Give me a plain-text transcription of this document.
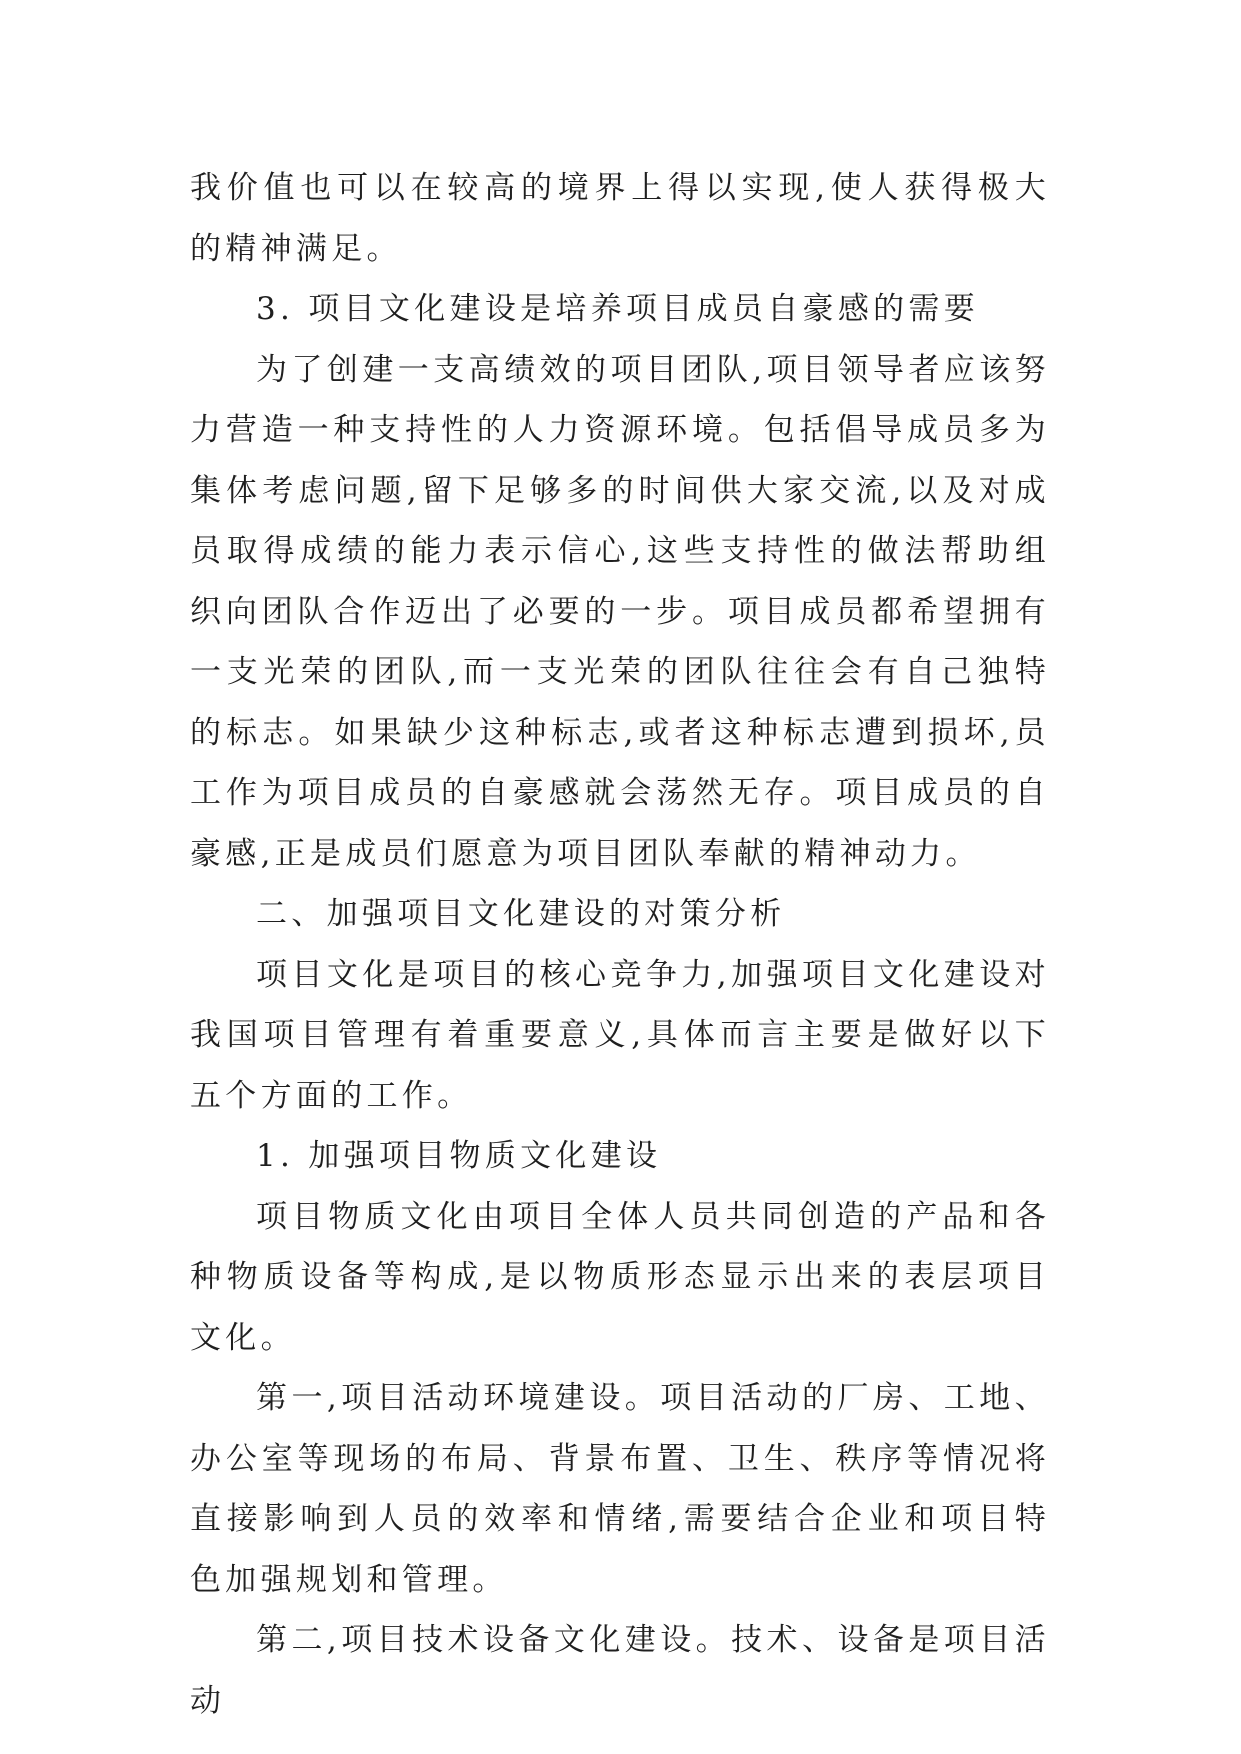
我价值也可以在较高的境界上得以实现,使人获得极大的精神满足。

3. 项目文化建设是培养项目成员自豪感的需要

为了创建一支高绩效的项目团队,项目领导者应该努力营造一种支持性的人力资源环境。包括倡导成员多为集体考虑问题,留下足够多的时间供大家交流,以及对成员取得成绩的能力表示信心,这些支持性的做法帮助组织向团队合作迈出了必要的一步。项目成员都希望拥有一支光荣的团队,而一支光荣的团队往往会有自己独特的标志。如果缺少这种标志,或者这种标志遭到损坏,员工作为项目成员的自豪感就会荡然无存。项目成员的自豪感,正是成员们愿意为项目团队奉献的精神动力。

二、加强项目文化建设的对策分析

项目文化是项目的核心竞争力,加强项目文化建设对我国项目管理有着重要意义,具体而言主要是做好以下五个方面的工作。

1. 加强项目物质文化建设

项目物质文化由项目全体人员共同创造的产品和各种物质设备等构成,是以物质形态显示出来的表层项目文化。

第一,项目活动环境建设。项目活动的厂房、工地、办公室等现场的布局、背景布置、卫生、秩序等情况将直接影响到人员的效率和情绪,需要结合企业和项目特色加强规划和管理。

第二,项目技术设备文化建设。技术、设备是项目活动
